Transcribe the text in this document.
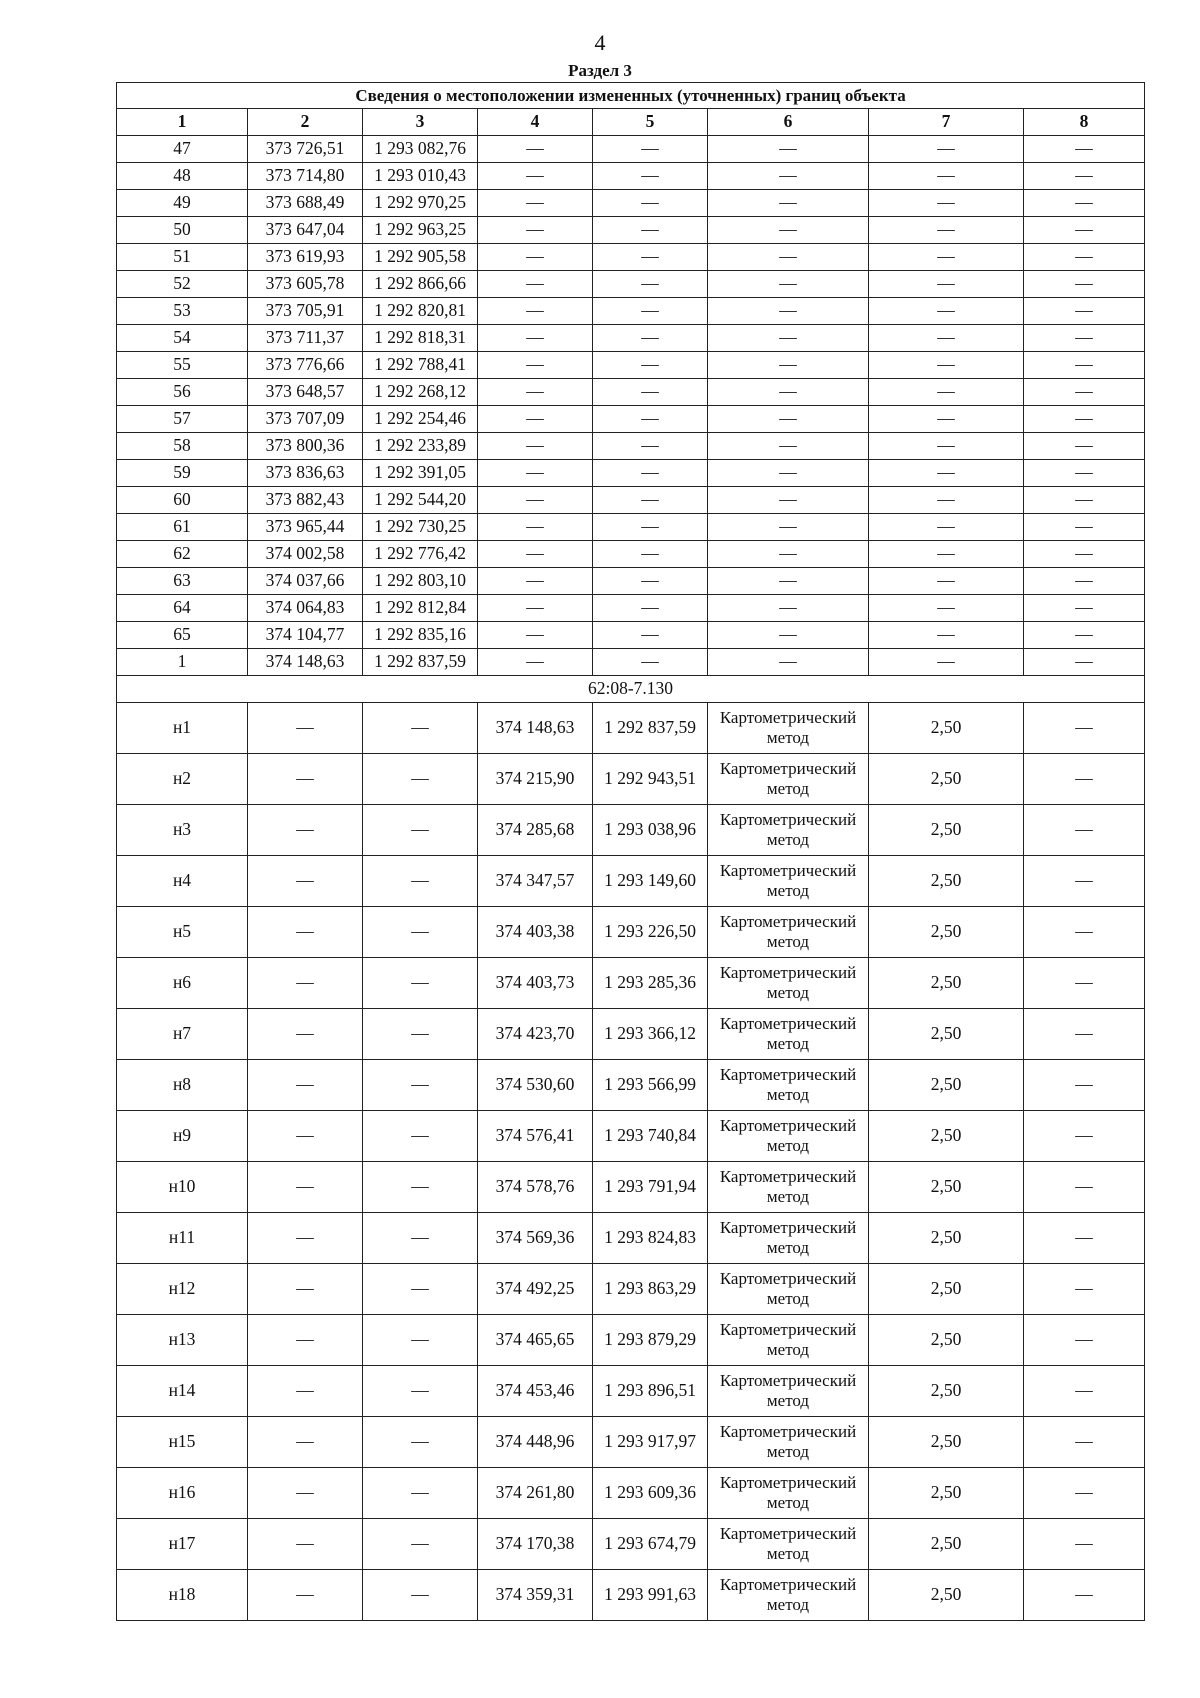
4
Раздел 3
Сведения о местоположении измененных (уточненных) границ объекта							
1	2	3	4	5	6	7	8
47	373 726,51	1 293 082,76	—	—	—	—	—
48	373 714,80	1 293 010,43	—	—	—	—	—
49	373 688,49	1 292 970,25	—	—	—	—	—
50	373 647,04	1 292 963,25	—	—	—	—	—
51	373 619,93	1 292 905,58	—	—	—	—	—
52	373 605,78	1 292 866,66	—	—	—	—	—
53	373 705,91	1 292 820,81	—	—	—	—	—
54	373 711,37	1 292 818,31	—	—	—	—	—
55	373 776,66	1 292 788,41	—	—	—	—	—
56	373 648,57	1 292 268,12	—	—	—	—	—
57	373 707,09	1 292 254,46	—	—	—	—	—
58	373 800,36	1 292 233,89	—	—	—	—	—
59	373 836,63	1 292 391,05	—	—	—	—	—
60	373 882,43	1 292 544,20	—	—	—	—	—
61	373 965,44	1 292 730,25	—	—	—	—	—
62	374 002,58	1 292 776,42	—	—	—	—	—
63	374 037,66	1 292 803,10	—	—	—	—	—
64	374 064,83	1 292 812,84	—	—	—	—	—
65	374 104,77	1 292 835,16	—	—	—	—	—
1	374 148,63	1 292 837,59	—	—	—	—	—
62:08-7.130							
н1	—	—	374 148,63	1 292 837,59	Картометрический метод	2,50	—
н2	—	—	374 215,90	1 292 943,51	Картометрический метод	2,50	—
н3	—	—	374 285,68	1 293 038,96	Картометрический метод	2,50	—
н4	—	—	374 347,57	1 293 149,60	Картометрический метод	2,50	—
н5	—	—	374 403,38	1 293 226,50	Картометрический метод	2,50	—
н6	—	—	374 403,73	1 293 285,36	Картометрический метод	2,50	—
н7	—	—	374 423,70	1 293 366,12	Картометрический метод	2,50	—
н8	—	—	374 530,60	1 293 566,99	Картометрический метод	2,50	—
н9	—	—	374 576,41	1 293 740,84	Картометрический метод	2,50	—
н10	—	—	374 578,76	1 293 791,94	Картометрический метод	2,50	—
н11	—	—	374 569,36	1 293 824,83	Картометрический метод	2,50	—
н12	—	—	374 492,25	1 293 863,29	Картометрический метод	2,50	—
н13	—	—	374 465,65	1 293 879,29	Картометрический метод	2,50	—
н14	—	—	374 453,46	1 293 896,51	Картометрический метод	2,50	—
н15	—	—	374 448,96	1 293 917,97	Картометрический метод	2,50	—
н16	—	—	374 261,80	1 293 609,36	Картометрический метод	2,50	—
н17	—	—	374 170,38	1 293 674,79	Картометрический метод	2,50	—
н18	—	—	374 359,31	1 293 991,63	Картометрический метод	2,50	—
